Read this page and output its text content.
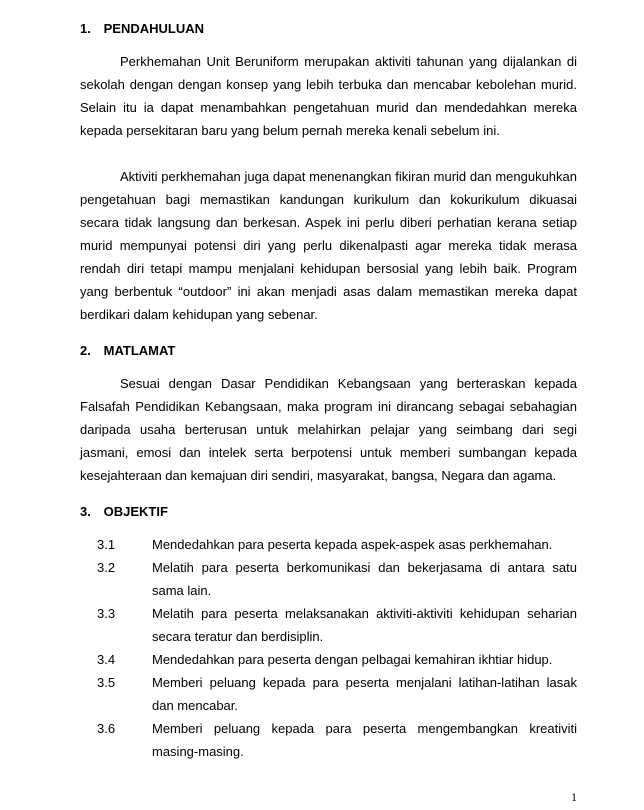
1. PENDAHULUAN

Perkhemahan Unit Beruniform merupakan aktiviti tahunan yang dijalankan di sekolah dengan dengan konsep yang lebih terbuka dan mencabar kebolehan murid. Selain itu ia dapat menambahkan pengetahuan murid dan mendedahkan mereka kepada persekitaran baru yang belum pernah mereka kenali sebelum ini.

Aktiviti perkhemahan juga dapat menenangkan fikiran murid dan mengukuhkan pengetahuan bagi memastikan kandungan kurikulum dan kokurikulum dikuasai secara tidak langsung dan berkesan. Aspek ini perlu diberi perhatian kerana setiap murid mempunyai potensi diri yang perlu dikenalpasti agar mereka tidak merasa rendah diri tetapi mampu menjalani kehidupan bersosial yang lebih baik. Program yang berbentuk “outdoor” ini akan menjadi asas dalam memastikan mereka dapat berdikari dalam kehidupan yang sebenar.

2. MATLAMAT

Sesuai dengan Dasar Pendidikan Kebangsaan yang berteraskan kepada Falsafah Pendidikan Kebangsaan, maka program ini dirancang sebagai sebahagian daripada usaha berterusan untuk melahirkan pelajar yang seimbang dari segi jasmani, emosi dan intelek serta berpotensi untuk memberi sumbangan kepada kesejahteraan dan kemajuan diri sendiri, masyarakat, bangsa, Negara dan agama.

3. OBJEKTIF
3.1	Mendedahkan para peserta kepada aspek-aspek asas perkhemahan.
3.2	Melatih para peserta berkomunikasi dan bekerjasama di antara satu sama lain.
3.3	Melatih para peserta melaksanakan aktiviti-aktiviti kehidupan seharian secara teratur dan berdisiplin.
3.4	Mendedahkan para peserta dengan pelbagai kemahiran ikhtiar hidup.
3.5	Memberi peluang kepada para peserta menjalani latihan-latihan lasak dan mencabar.
3.6	Memberi peluang kepada para peserta mengembangkan kreativiti masing-masing.
1
